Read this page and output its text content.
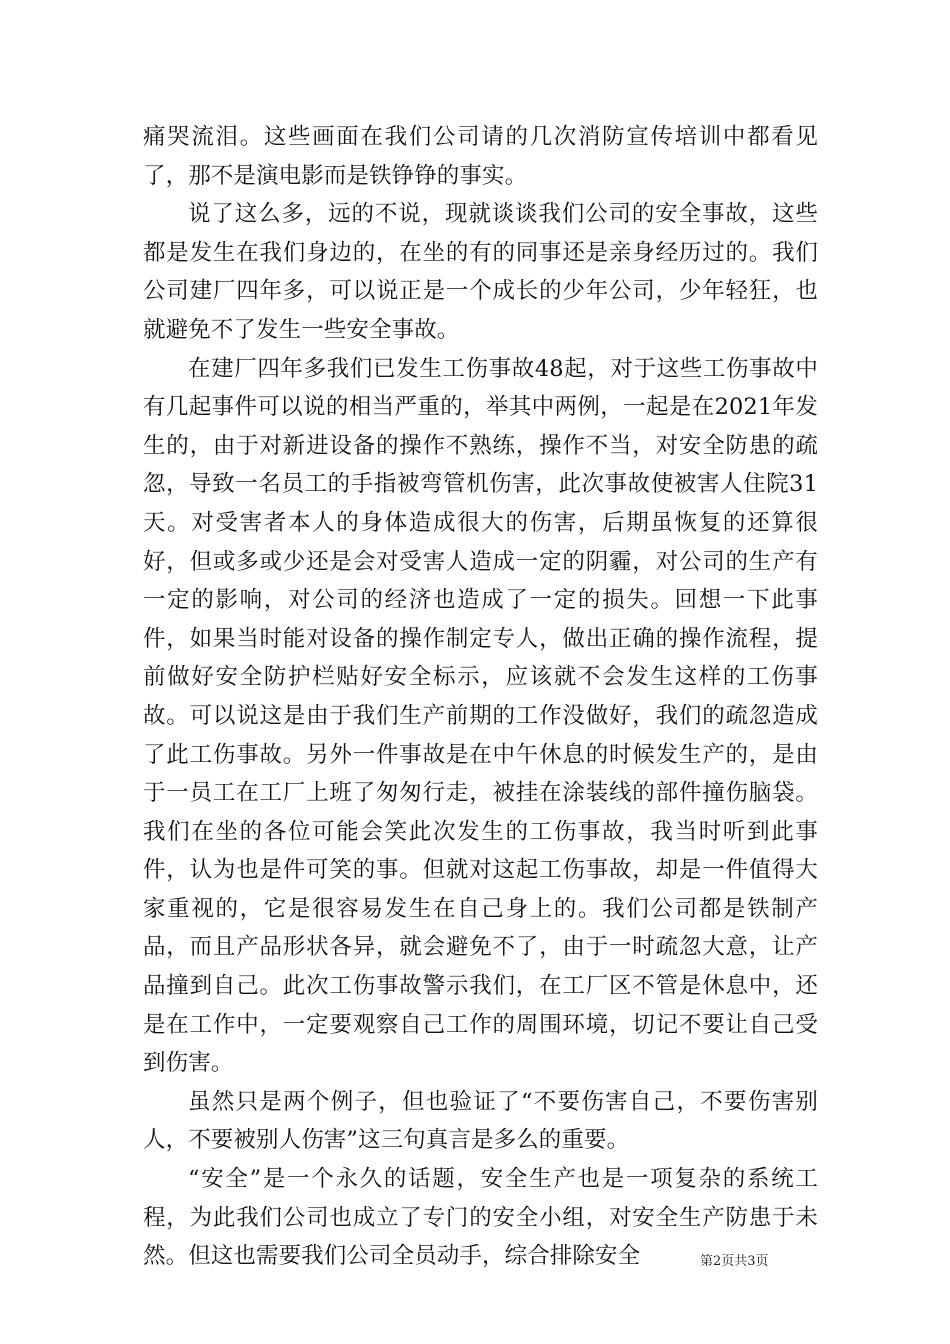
痛哭流泪。这些画面在我们公司请的几次消防宣传培训中都看见了，那不是演电影而是铁铮铮的事实。

说了这么多，远的不说，现就谈谈我们公司的安全事故，这些都是发生在我们身边的，在坐的有的同事还是亲身经历过的。我们公司建厂四年多，可以说正是一个成长的少年公司，少年轻狂，也就避免不了发生一些安全事故。

在建厂四年多我们已发生工伤事故48起，对于这些工伤事故中有几起事件可以说的相当严重的，举其中两例，一起是在2021年发生的，由于对新进设备的操作不熟练，操作不当，对安全防患的疏忽，导致一名员工的手指被弯管机伤害，此次事故使被害人住院31天。对受害者本人的身体造成很大的伤害，后期虽恢复的还算很好，但或多或少还是会对受害人造成一定的阴霾，对公司的生产有一定的影响，对公司的经济也造成了一定的损失。回想一下此事件，如果当时能对设备的操作制定专人，做出正确的操作流程，提前做好安全防护栏贴好安全标示，应该就不会发生这样的工伤事故。可以说这是由于我们生产前期的工作没做好，我们的疏忽造成了此工伤事故。另外一件事故是在中午休息的时候发生产的，是由于一员工在工厂上班了匆匆行走，被挂在涂装线的部件撞伤脑袋。我们在坐的各位可能会笑此次发生的工伤事故，我当时听到此事件，认为也是件可笑的事。但就对这起工伤事故，却是一件值得大家重视的，它是很容易发生在自己身上的。我们公司都是铁制产品，而且产品形状各异，就会避免不了，由于一时疏忽大意，让产品撞到自己。此次工伤事故警示我们，在工厂区不管是休息中，还是在工作中，一定要观察自己工作的周围环境，切记不要让自己受到伤害。

虽然只是两个例子，但也验证了“不要伤害自己，不要伤害别人，不要被别人伤害”这三句真言是多么的重要。

“安全”是一个永久的话题，安全生产也是一项复杂的系统工程，为此我们公司也成立了专门的安全小组，对安全生产防患于未然。但这也需要我们公司全员动手，综合排除安全	第2页共3页
